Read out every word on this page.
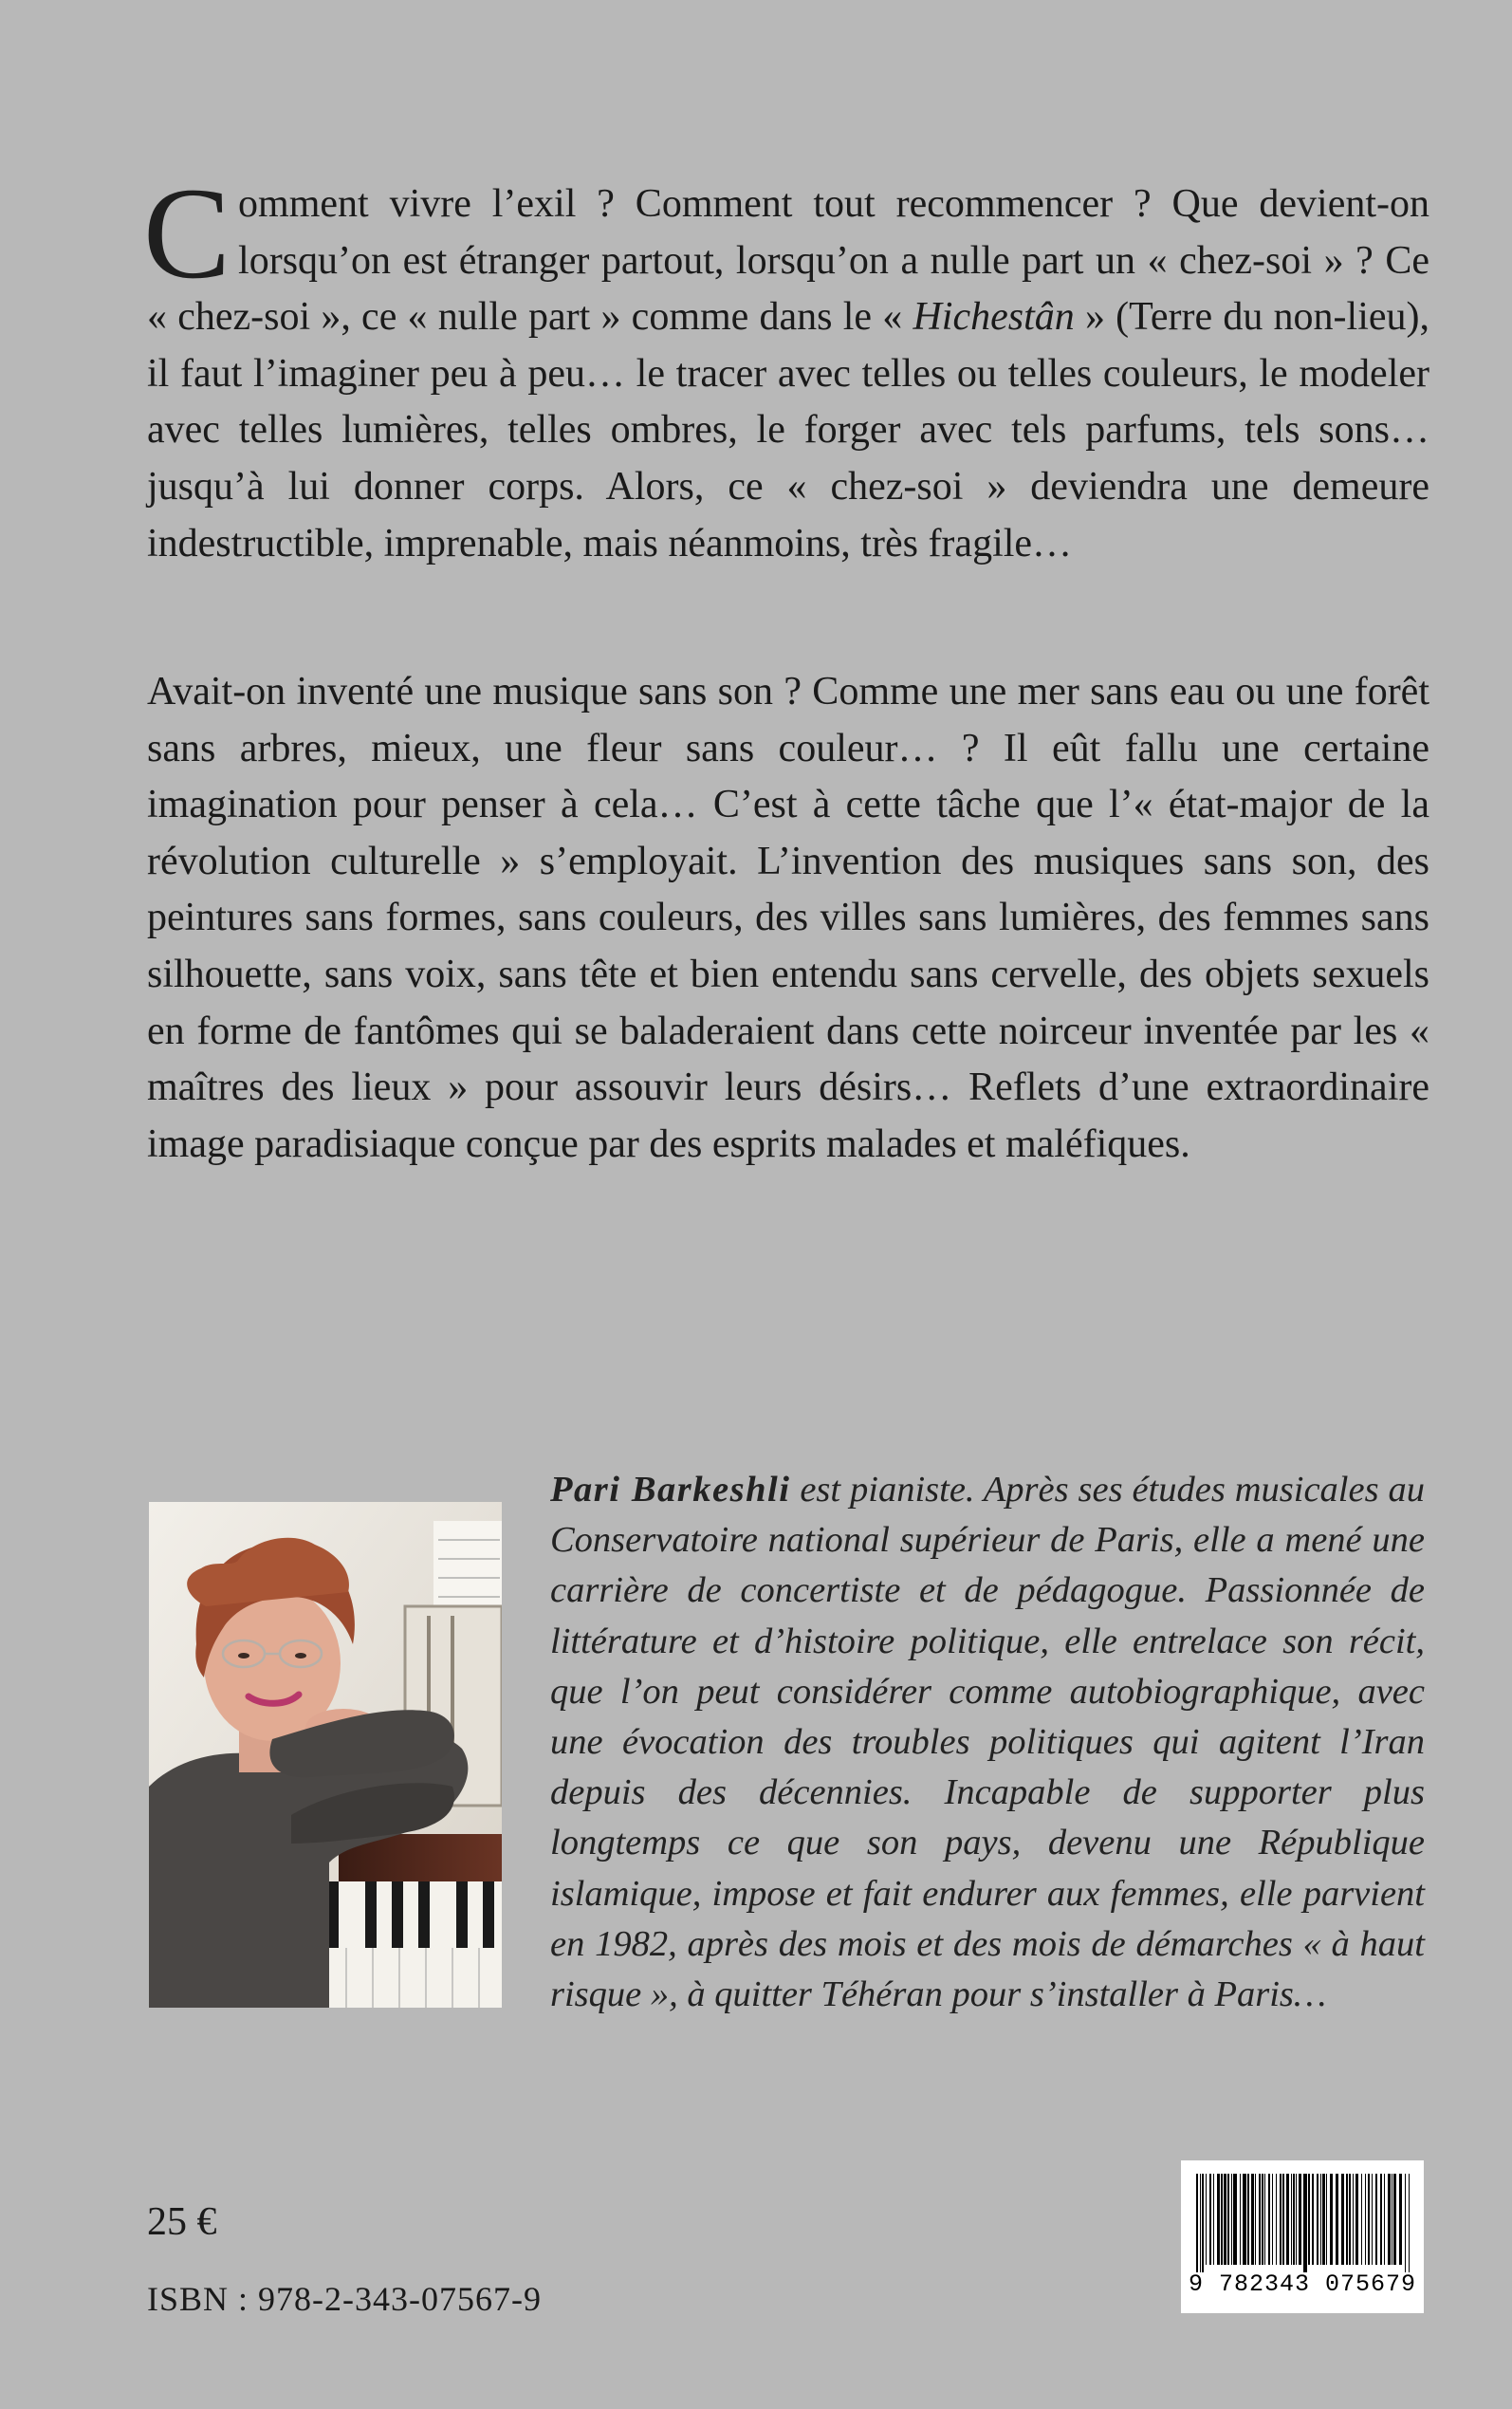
Comment vivre l’exil ? Comment tout recommencer ? Que devient-on lorsqu’on est étranger partout, lorsqu’on a nulle part un « chez-soi » ? Ce « chez-soi », ce « nulle part » comme dans le « Hichestân » (Terre du non-lieu), il faut l’imaginer peu à peu… le tracer avec telles ou telles couleurs, le modeler avec telles lumières, telles ombres, le forger avec tels parfums, tels sons… jusqu’à lui donner corps. Alors, ce « chez-soi » deviendra une demeure indestructible, imprenable, mais néanmoins, très fragile…

Avait-on inventé une musique sans son ? Comme une mer sans eau ou une forêt sans arbres, mieux, une fleur sans couleur… ? Il eût fallu une certaine imagination pour penser à cela… C’est à cette tâche que l’« état-major de la révolution culturelle » s’employait. L’invention des musiques sans son, des peintures sans formes, sans couleurs, des villes sans lumières, des femmes sans silhouette, sans voix, sans tête et bien entendu sans cervelle, des objets sexuels en forme de fantômes qui se baladeraient dans cette noirceur inventée par les « maîtres des lieux » pour assouvir leurs désirs… Reflets d’une extraordinaire image paradisiaque conçue par des esprits malades et maléfiques.

Pari Barkeshli est pianiste. Après ses études musicales au Conservatoire national supérieur de Paris, elle a mené une carrière de concertiste et de pédagogue. Passionnée de littérature et d’histoire politique, elle entrelace son récit, que l’on peut considérer comme autobiographique, avec une évocation des troubles politiques qui agitent l’Iran depuis des décennies. Incapable de supporter plus longtemps ce que son pays, devenu une République islamique, impose et fait endurer aux femmes, elle parvient en 1982, après des mois et des mois de démarches « à haut risque », à quitter Téhéran pour s’installer à Paris…
25 €
ISBN : 978-2-343-07567-9	9 782343 075679
